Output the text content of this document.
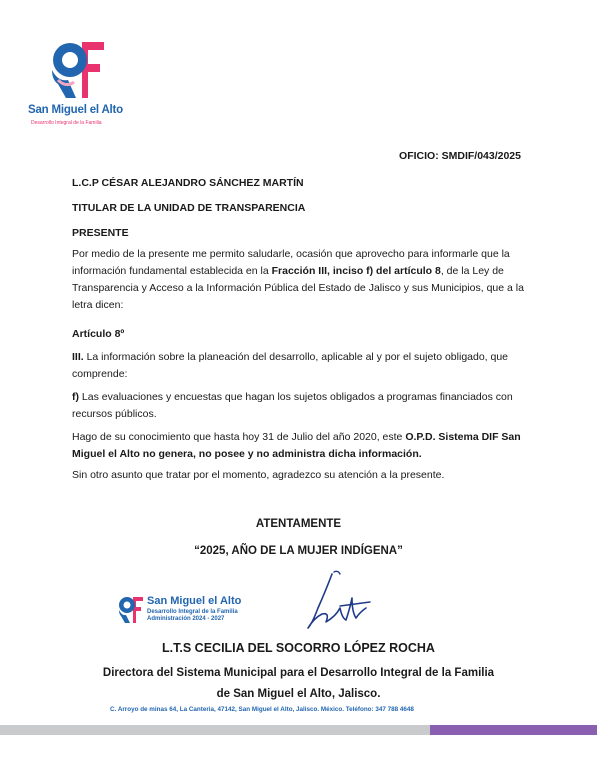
San Miguel el Alto
Desarrollo Integral de la Familia
OFICIO: SMDIF/043/2025
L.C.P CÉSAR ALEJANDRO SÁNCHEZ MARTÍN
TITULAR DE LA UNIDAD DE TRANSPARENCIA
PRESENTE
Por medio de la presente me permito saludarle, ocasión que aprovecho para informarle que la información fundamental establecida en la Fracción III, inciso f) del artículo 8, de la Ley de Transparencia y Acceso a la Información Pública del Estado de Jalisco y sus Municipios, que a la letra dicen:
Artículo 8º
III. La información sobre la planeación del desarrollo, aplicable al y por el sujeto obligado, que comprende:
f) Las evaluaciones y encuestas que hagan los sujetos obligados a programas financiados con recursos públicos.
Hago de su conocimiento que hasta hoy 31 de Julio del año 2020, este O.P.D. Sistema DIF San Miguel el Alto no genera, no posee y no administra dicha información.
Sin otro asunto que tratar por el momento, agradezco su atención a la presente.
ATENTAMENTE
“2025, AÑO DE LA MUJER INDÍGENA”
San Miguel el Alto
Desarrollo Integral de la Familia
Administración 2024 - 2027
L.T.S CECILIA DEL SOCORRO LÓPEZ ROCHA
Directora del Sistema Municipal para el Desarrollo Integral de la Familia
de San Miguel el Alto, Jalisco.
C. Arroyo de minas 64, La Canteria, 47142, San Miguel el Alto, Jalisco. México. Teléfono: 347 788 4648
